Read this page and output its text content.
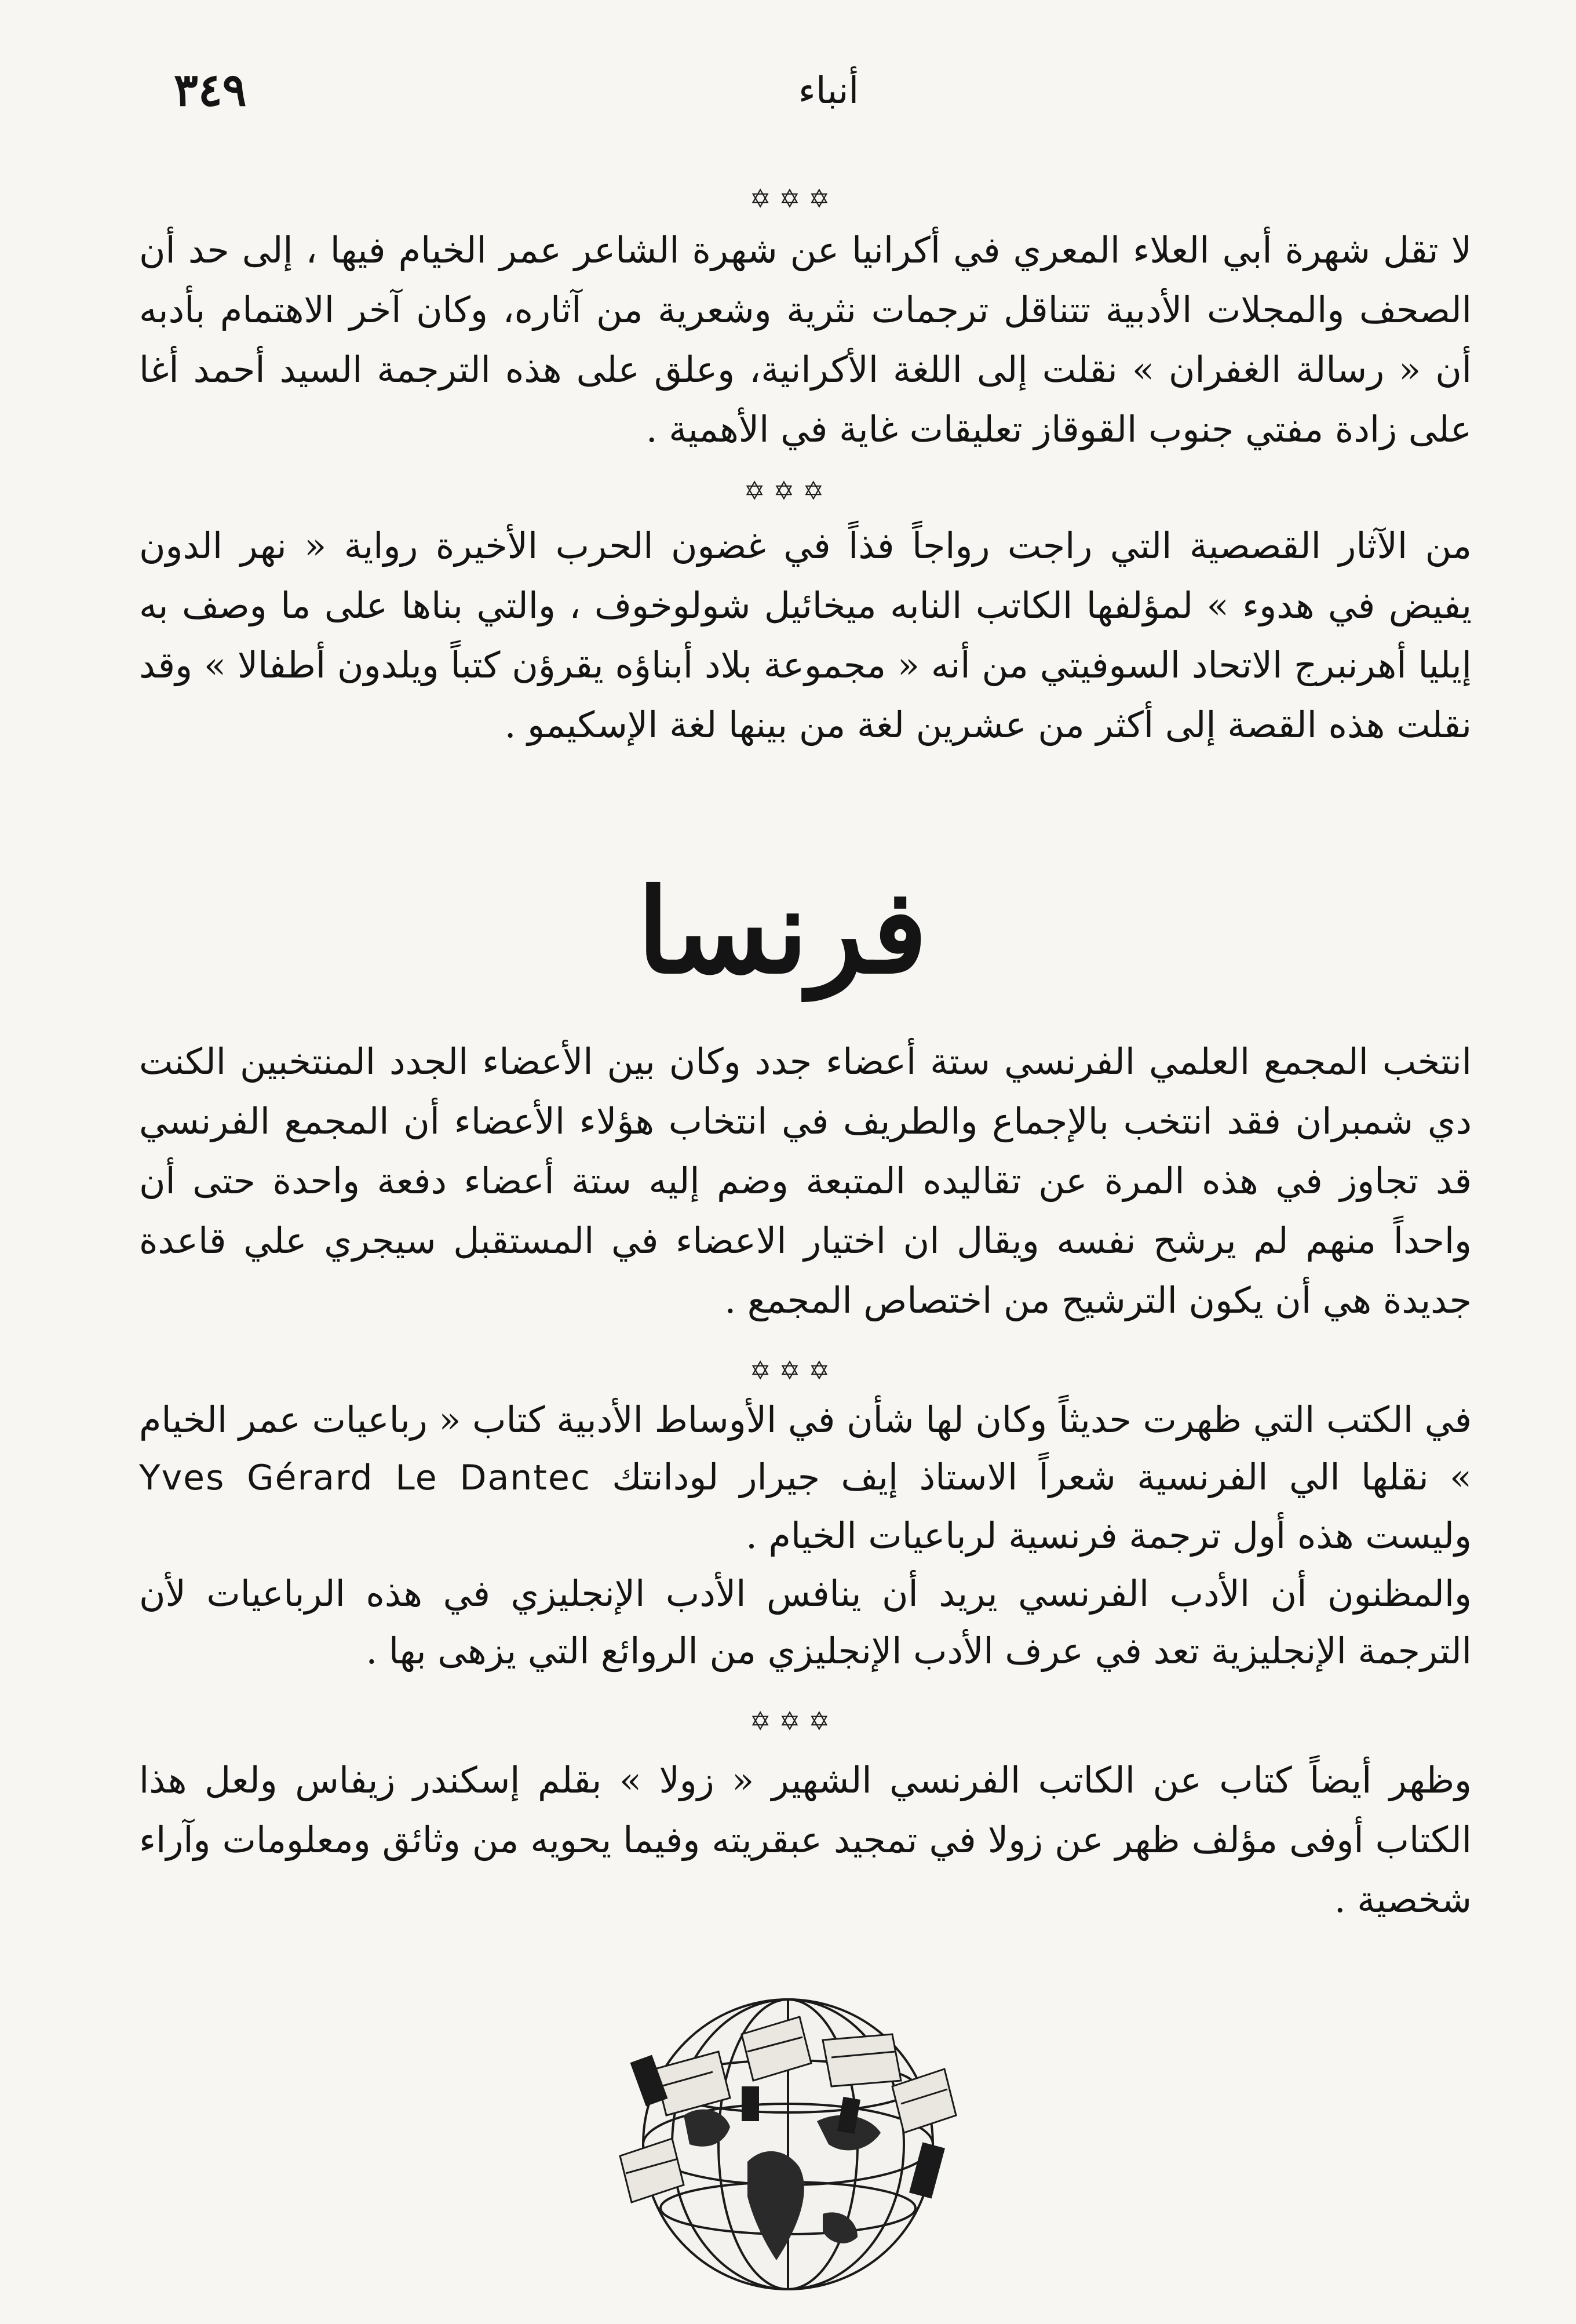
أنباء
٣٤٩
✡✡✡

لا تقل شهرة أبي العلاء المعري في أكرانيا عن شهرة الشاعر عمر الخيام فيها ، إلى حد أن الصحف والمجلات الأدبية تتناقل ترجمات نثرية وشعرية من آثاره، وكان آخر الاهتمام بأدبه أن « رسالة الغفران » نقلت إلى اللغة الأكرانية، وعلق على هذه الترجمة السيد أحمد أغا على زادة مفتي جنوب القوقاز تعليقات غاية في الأهمية .

✡✡✡

من الآثار القصصية التي راجت رواجاً فذاً في غضون الحرب الأخيرة رواية « نهر الدون يفيض في هدوء » لمؤلفها الكاتب النابه ميخائيل شولوخوف ، والتي بناها على ما وصف به إيليا أهرنبرج الاتحاد السوفيتي من أنه « مجموعة بلاد أبناؤه يقرؤن كتباً ويلدون أطفالا » وقد نقلت هذه القصة إلى أكثر من عشرين لغة من بينها لغة الإسكيمو .

فرنسا

انتخب المجمع العلمي الفرنسي ستة أعضاء جدد وكان بين الأعضاء الجدد المنتخبين الكنت دي شمبران فقد انتخب بالإجماع والطريف في انتخاب هؤلاء الأعضاء أن المجمع الفرنسي قد تجاوز في هذه المرة عن تقاليده المتبعة وضم إليه ستة أعضاء دفعة واحدة حتى أن واحداً منهم لم يرشح نفسه ويقال ان اختيار الاعضاء في المستقبل سيجري علي قاعدة جديدة هي أن يكون الترشيح من اختصاص المجمع .

✡✡✡

في الكتب التي ظهرت حديثاً وكان لها شأن في الأوساط الأدبية كتاب « رباعيات عمر الخيام » نقلها الي الفرنسية شعراً الاستاذ إيف جيرار لودانتك Yves Gérard Le Dantec وليست هذه أول ترجمة فرنسية لرباعيات الخيام .

والمظنون أن الأدب الفرنسي يريد أن ينافس الأدب الإنجليزي في هذه الرباعيات لأن الترجمة الإنجليزية تعد في عرف الأدب الإنجليزي من الروائع التي يزهى بها .

✡✡✡

وظهر أيضاً كتاب عن الكاتب الفرنسي الشهير « زولا » بقلم إسكندر زيفاس ولعل هذا الكتاب أوفى مؤلف ظهر عن زولا في تمجيد عبقريته وفيما يحويه من وثائق ومعلومات وآراء شخصية .
